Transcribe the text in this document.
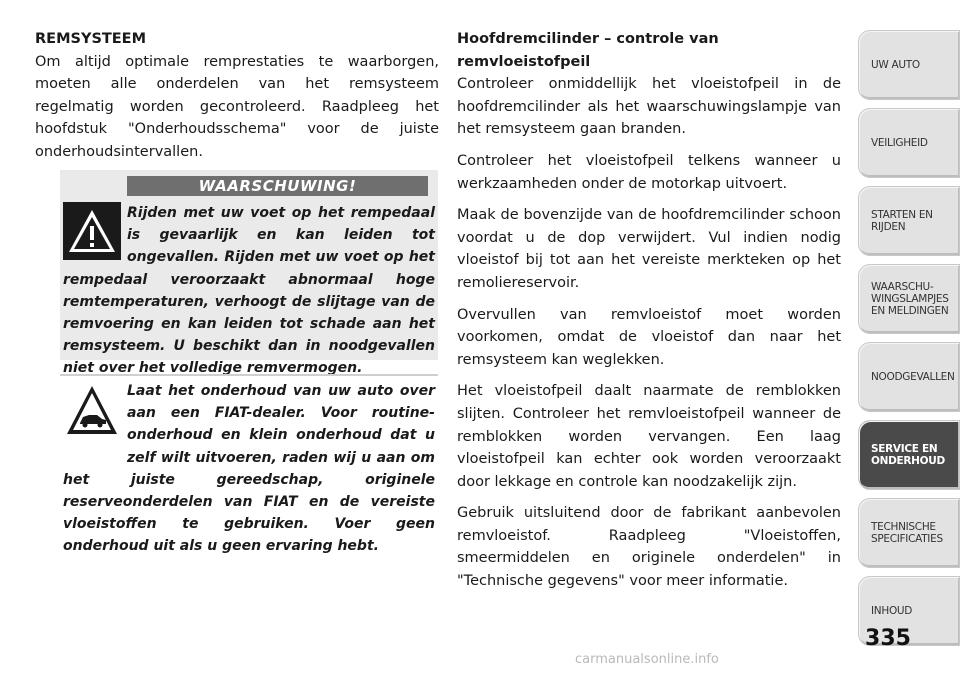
REMSYSTEEM

Om altijd optimale remprestaties te waarborgen, moeten alle onderdelen van het remsysteem regelmatig worden gecontroleerd. Raadpleeg het hoofdstuk "Onderhoudsschema" voor de juiste onderhoudsintervallen.

WAARSCHUWING!
Rijden met uw voet op het rempedaal is gevaarlijk en kan leiden tot ongevallen. Rijden met uw voet op het rempedaal veroorzaakt abnormaal hoge remtemperaturen, verhoogt de slijtage van de remvoering en kan leiden tot schade aan het remsysteem. U beschikt dan in noodgevallen niet over het volledige remvermogen.
Laat het onderhoud van uw auto over aan een FIAT-dealer. Voor routine-onderhoud en klein onderhoud dat u zelf wilt uitvoeren, raden wij u aan om het juiste gereedschap, originele reserveonderdelen van FIAT en de vereiste vloeistoffen te gebruiken. Voer geen onderhoud uit als u geen ervaring hebt.
Hoofdremcilinder – controle van remvloeistofpeil

Controleer onmiddellijk het vloeistofpeil in de hoofdremcilinder als het waarschuwingslampje van het remsysteem gaan branden.

Controleer het vloeistofpeil telkens wanneer u werkzaamheden onder de motorkap uitvoert.

Maak de bovenzijde van de hoofdremcilinder schoon voordat u de dop verwijdert. Vul indien nodig vloeistof bij tot aan het vereiste merkteken op het remoliereservoir.

Overvullen van remvloeistof moet worden voorkomen, omdat de vloeistof dan naar het remsysteem kan weglekken.

Het vloeistofpeil daalt naarmate de remblokken slijten. Controleer het remvloeistofpeil wanneer de remblokken worden vervangen. Een laag vloeistofpeil kan echter ook worden veroorzaakt door lekkage en controle kan noodzakelijk zijn.

Gebruik uitsluitend door de fabrikant aanbevolen remvloeistof. Raadpleeg "Vloeistoffen, smeermiddelen en originele onderdelen" in "Technische gegevens" voor meer informatie.

UW AUTO
VEILIGHEID
STARTEN EN
RIJDEN
WAARSCHU-
WINGSLAMPJES
EN MELDINGEN
NOODGEVALLEN
SERVICE EN
ONDERHOUD
TECHNISCHE
SPECIFICATIES
INHOUD
335
carmanualsonline.info
